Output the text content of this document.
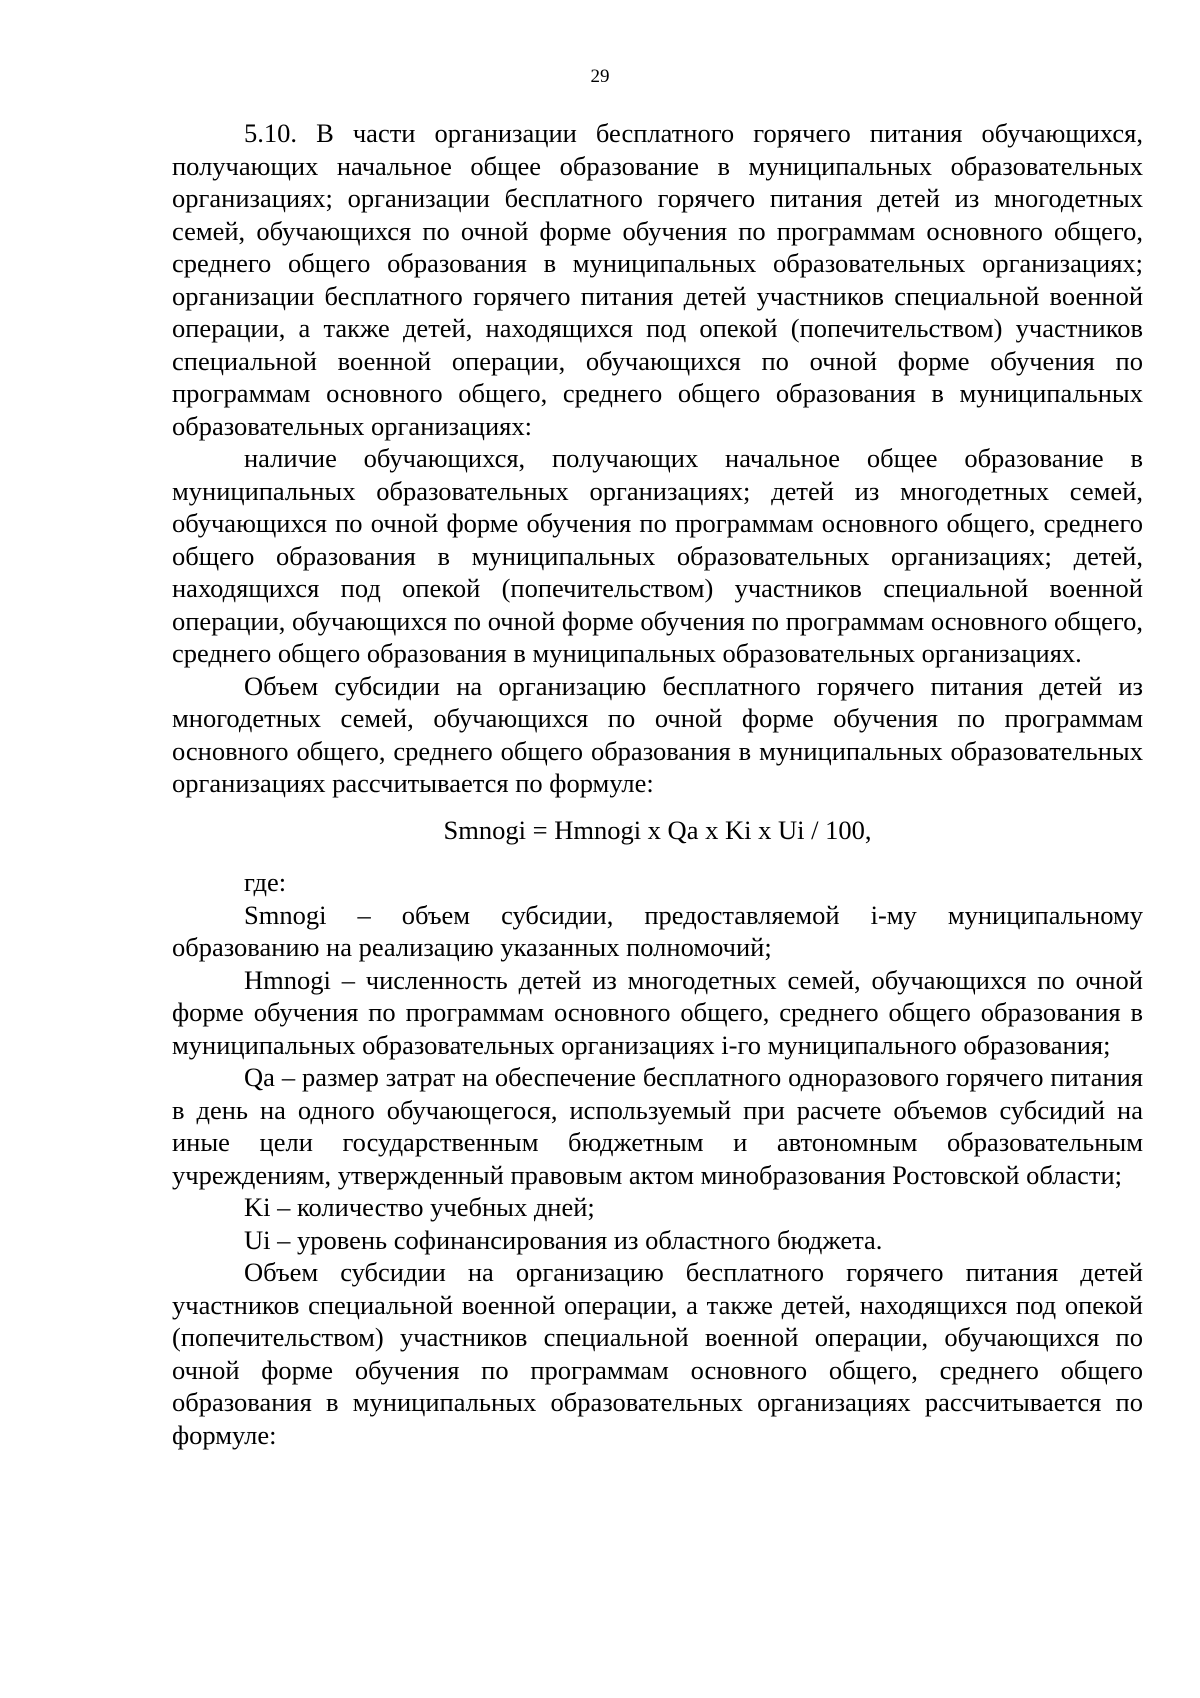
29

5.10. В части организации бесплатного горячего питания обучающихся, получающих начальное общее образование в муниципальных образовательных организациях; организации бесплатного горячего питания детей из многодетных семей, обучающихся по очной форме обучения по программам основного общего, среднего общего образования в муниципальных образовательных организациях; организации бесплатного горячего питания детей участников специальной военной операции, а также детей, находящихся под опекой (попечительством) участников специальной военной операции, обучающихся по очной форме обучения по программам основного общего, среднего общего образования в муниципальных образовательных организациях:

наличие обучающихся, получающих начальное общее образование в муниципальных образовательных организациях; детей из многодетных семей, обучающихся по очной форме обучения по программам основного общего, среднего общего образования в муниципальных образовательных организациях; детей, находящихся под опекой (попечительством) участников специальной военной операции, обучающихся по очной форме обучения по программам основного общего, среднего общего образования в муниципальных образовательных организациях.

Объем субсидии на организацию бесплатного горячего питания детей из многодетных семей, обучающихся по очной форме обучения по программам основного общего, среднего общего образования в муниципальных образовательных организациях рассчитывается по формуле:

Smnogi = Hmnogi x Qa x Ki x Ui / 100,

где:

Smnogi – объем субсидии, предоставляемой i-му муниципальному образованию на реализацию указанных полномочий;

Hmnogi – численность детей из многодетных семей, обучающихся по очной форме обучения по программам основного общего, среднего общего образования в муниципальных образовательных организациях i-го муниципального образования;

Qa – размер затрат на обеспечение бесплатного одноразового горячего питания в день на одного обучающегося, используемый при расчете объемов субсидий на иные цели государственным бюджетным и автономным образовательным учреждениям, утвержденный правовым актом минобразования Ростовской области;

Ki – количество учебных дней;

Ui – уровень софинансирования из областного бюджета.

Объем субсидии на организацию бесплатного горячего питания детей участников специальной военной операции, а также детей, находящихся под опекой (попечительством) участников специальной военной операции, обучающихся по очной форме обучения по программам основного общего, среднего общего образования в муниципальных образовательных организациях рассчитывается по формуле:
